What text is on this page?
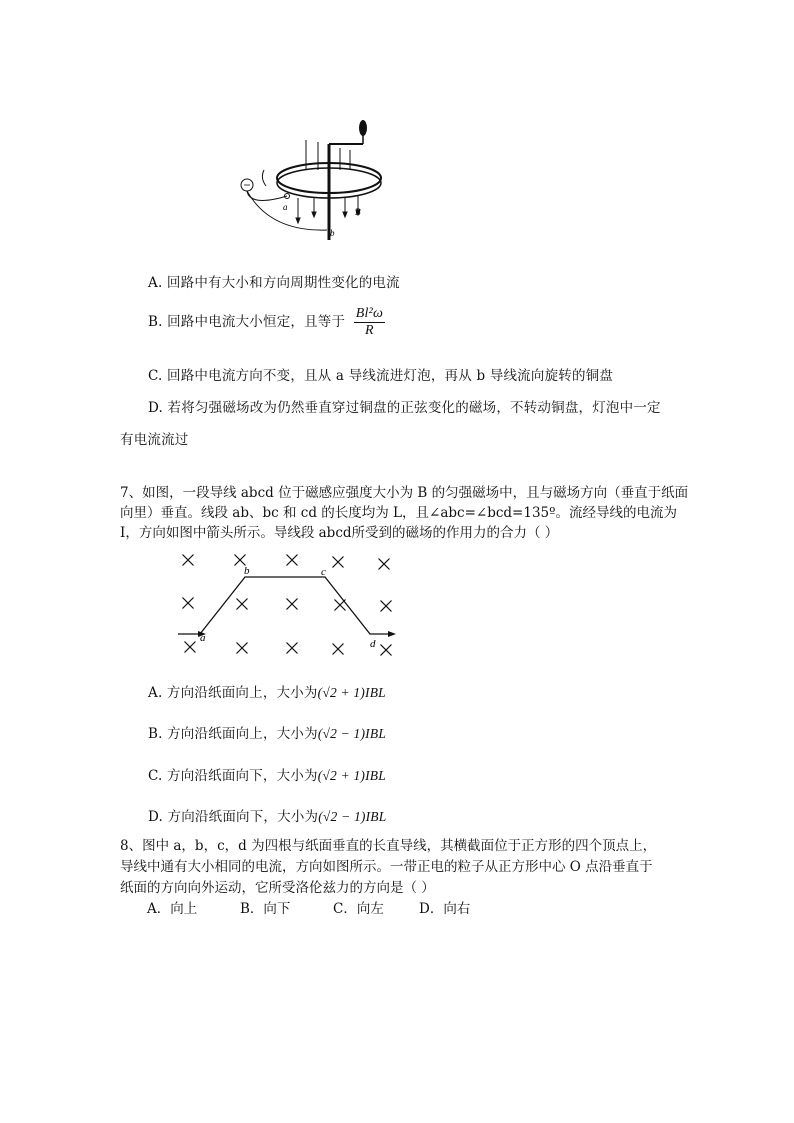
a
b
B
A. 回路中有大小和方向周期性变化的电流
B. 回路中电流大小恒定，且等于 $\frac{\text{Bl²ω}}{R}$
C. 回路中电流方向不变，且从 a 导线流进灯泡，再从 b 导线流向旋转的铜盘
D. 若将匀强磁场改为仍然垂直穿过铜盘的正弦变化的磁场，不转动铜盘，灯泡中一定
有电流流过
7、如图，一段导线 abcd 位于磁感应强度大小为 B 的匀强磁场中，且与磁场方向（垂直于纸面
向里）垂直。线段 ab、bc 和 cd 的长度均为 L，且∠abc=∠bcd=135º。流经导线的电流为
I，方向如图中箭头所示。导线段 abcd所受到的磁场的作用力的合力（ ）
a
b	c
d
A. 方向沿纸面向上，大小为(√2 + 1)IBL
B. 方向沿纸面向上，大小为(√2 − 1)IBL
C. 方向沿纸面向下，大小为(√2 + 1)IBL
D. 方向沿纸面向下，大小为(√2 − 1)IBL
8、图中 a，b，c，d 为四根与纸面垂直的长直导线，其横截面位于正方形的四个顶点上，
导线中通有大小相同的电流，方向如图所示。一带正电的粒子从正方形中心 O 点沿垂直于
纸面的方向向外运动，它所受洛伦兹力的方向是（ ）
A．向上	B．向下	C．向左	D．向右
